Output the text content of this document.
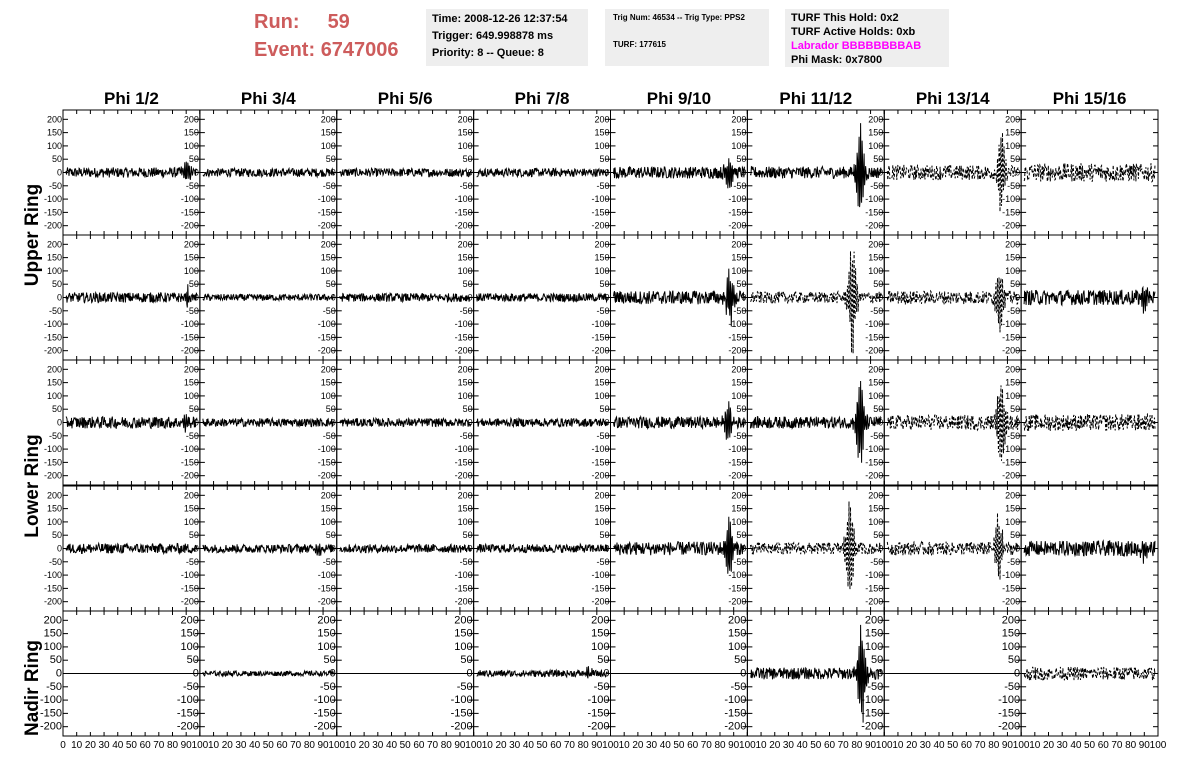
Run: 59
Event: 6747006
Time: 2008-12-26 12:37:54
Trigger: 649.998878 ms
Priority: 8 -- Queue: 8
Trig Num: 46534 -- Trig Type: PPS2
TURF: 177615
TURF This Hold: 0x2
TURF Active Holds: 0xb
Labrador BBBBBBBBAB
Phi Mask: 0x7800
Phi 1/2	Phi 3/4	Phi 5/6	Phi 7/8	Phi 9/10	Phi 11/12	Phi 13/14	Phi 15/16
Upper Ring
Lower Ring
Nadir Ring
200
150
100
50
0
-50
-100
-150
-200
200
150
100
50
0
-50
-100
-150
-200
200
150
100
50
0
-50
-100
-150
-200
200
150
100
50
0
-50
-100
-150
-200
200
150
100
50
0
-50
-100
-150
-200
200
150
100
50
0
-50
-100
-150
-200
200
150
100
50
0
-50
-100
-150
-200
200
150
100
50
0
-50
-100
-150
-200
200
150
100
50
0
-50
-100
-150
-200
200
150
100
50
0
-50
-100
-150
-200
200
150
100
50
0
-50
-100
-150
-200
200
150
100
50
0
-50
-100
-150
-200
200
150
100
50
0
-50
-100
-150
-200
200
150
100
50
0
-50
-100
-150
-200
200
150
100
50
0
-50
-100
-150
-200
200
150
100
50
0
-50
-100
-150
-200
200
150
100
50
0
-50
-100
-150
-200
200
150
100
50
0
-50
-100
-150
-200
200
150
100
50
0
-50
-100
-150
-200
200
150
100
50
0
-50
-100
-150
-200
200
150
100
50
0
-50
-100
-150
-200
200
150
100
50
0
-50
-100
-150
-200
200
150
100
50
0
-50
-100
-150
-200
200
150
100
50
0
-50
-100
-150
-200
200
150
100
50
0
-50
-100
-150
-200
200
150
100
50
0
-50
-100
-150
-200
200
150
100
50
0
-50
-100
-150
-200
200
150
100
50
0
-50
-100
-150
-200
200
150
100
50
0
-50
-100
-150
-200
200
150
100
50
0
-50
-100
-150
-200
200
150
100
50
0
-50
-100
-150
-200
200
150
100
50
0
-50
-100
-150
-200
200
150
100
50
0
-50
-100
-150
-200
200
150
100
50
0
-50
-100
-150
-200
200
150
100
50
0
-50
-100
-150
-200
200
150
100
50
0
-50
-100
-150
-200
200
150
100
50
0
-50
-100
-150
-200
200
150
100
50
0
-50
-100
-150
-200
200
150
100
50
0
-50
-100
-150
-200
200
150
100
50
0
-50
-100
-150
-200
0 10 20 30 40 50 60 70 80 90 100 10 20 30 40 50 60 70 80 90 100 10 20 30 40 50 60 70 80 90 100 10 20 30 40 50 60 70 80 90 100 10 20 30 40 50 60 70 80 90 100 10 20 30 40 50 60 70 80 90 100 10 20 30 40 50 60 70 80 90 100 10 20 30 40 50 60 70 80 90 100
